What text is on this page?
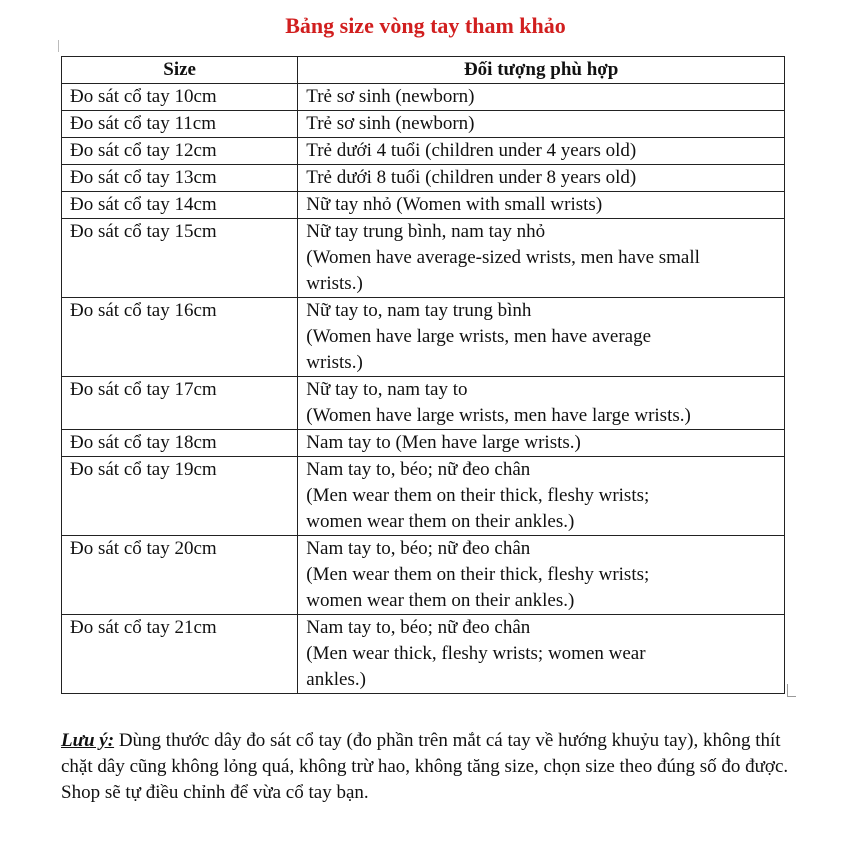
Bảng size vòng tay tham khảo
Size	Đối tượng phù hợp
Đo sát cổ tay 10cm	Trẻ sơ sinh (newborn)

Đo sát cổ tay 11cm	Trẻ sơ sinh (newborn)

Đo sát cổ tay 12cm	Trẻ dưới 4 tuổi (children under 4 years old)

Đo sát cổ tay 13cm	Trẻ dưới 8 tuổi (children under 8 years old)

Đo sát cổ tay 14cm	Nữ tay nhỏ (Women with small wrists)

Đo sát cổ tay 15cm	Nữ tay trung bình, nam tay nhỏ
(Women have average-sized wrists, men have small
wrists.)

Đo sát cổ tay 16cm	Nữ tay to, nam tay trung bình
(Women have large wrists, men have average
wrists.)

Đo sát cổ tay 17cm	Nữ tay to, nam tay to
(Women have large wrists, men have large wrists.)

Đo sát cổ tay 18cm	Nam tay to (Men have large wrists.)

Đo sát cổ tay 19cm	Nam tay to, béo; nữ đeo chân
(Men wear them on their thick, fleshy wrists;
women wear them on their ankles.)

Đo sát cổ tay 20cm	Nam tay to, béo; nữ đeo chân
(Men wear them on their thick, fleshy wrists;
women wear them on their ankles.)

Đo sát cổ tay 21cm	Nam tay to, béo; nữ đeo chân
(Men wear thick, fleshy wrists; women wear
ankles.)
Lưu ý: Dùng thước dây đo sát cổ tay (đo phần trên mắt cá tay về hướng khuỷu tay), không thít chặt dây cũng không lỏng quá, không trừ hao, không tăng size, chọn size theo đúng số đo được. Shop sẽ tự điều chỉnh để vừa cổ tay bạn.
